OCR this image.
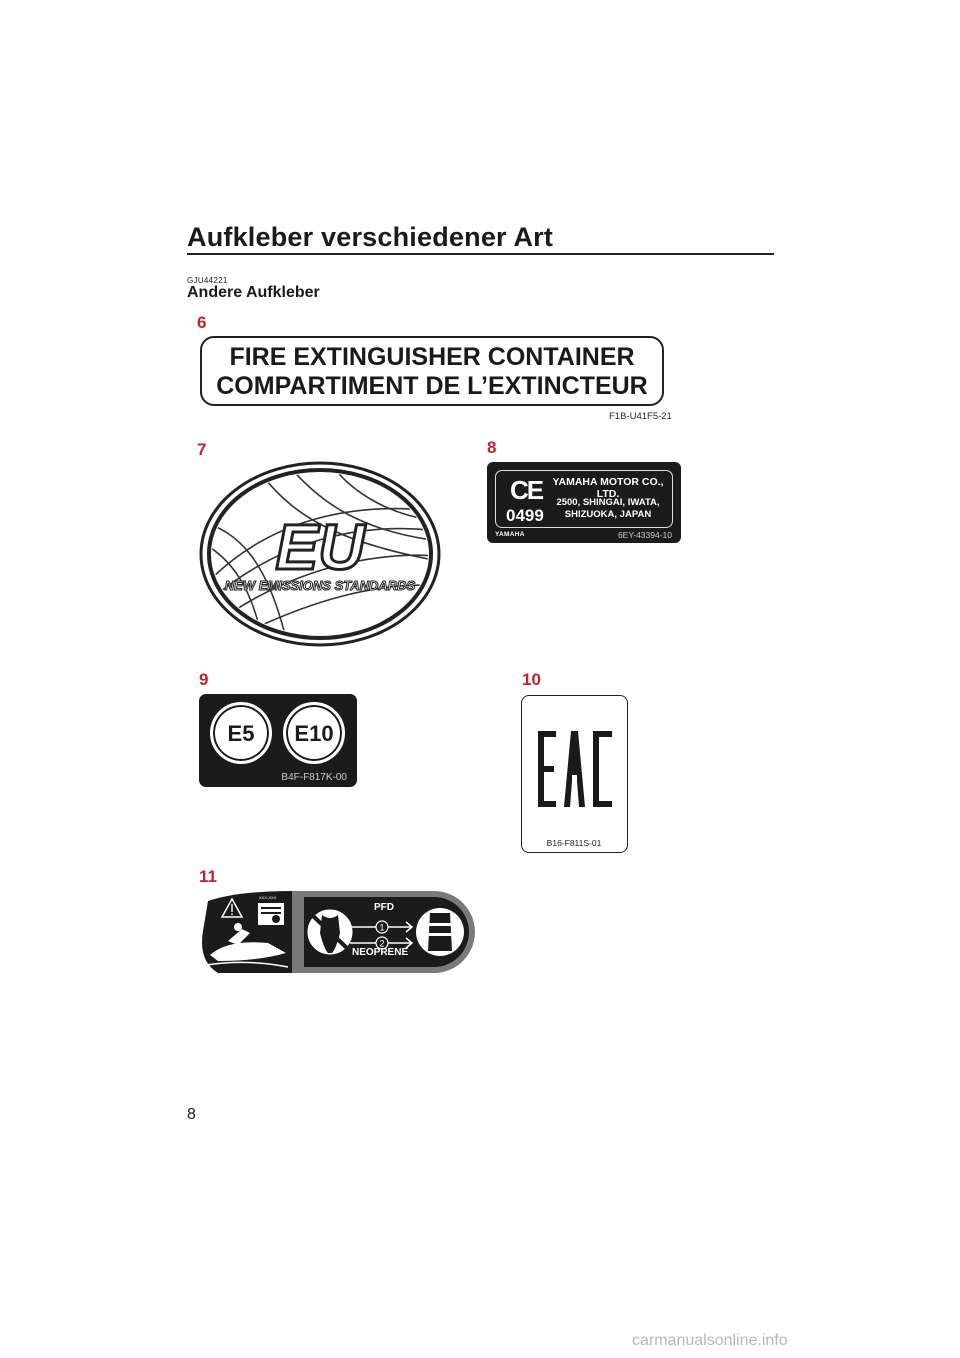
Aufkleber verschiedener Art
GJU44221
Andere Aufkleber
6
FIRE EXTINGUISHER CONTAINER
COMPARTIMENT DE L’EXTINCTEUR
F1B-U41F5-21
7
EU
NEW EMISSIONS STANDARDS
8
CE
0499
YAMAHA MOTOR CO., LTD.
2500, SHINGAI, IWATA,
SHIZUOKA, JAPAN
YAMAHA	6EY-43394-10
9
E5	E10
B4F-F817K-00
10
B16-F811S-01
11
1
2
XXX-XXX
PFD
NEOPRENE
8
carmanualsonline.info
